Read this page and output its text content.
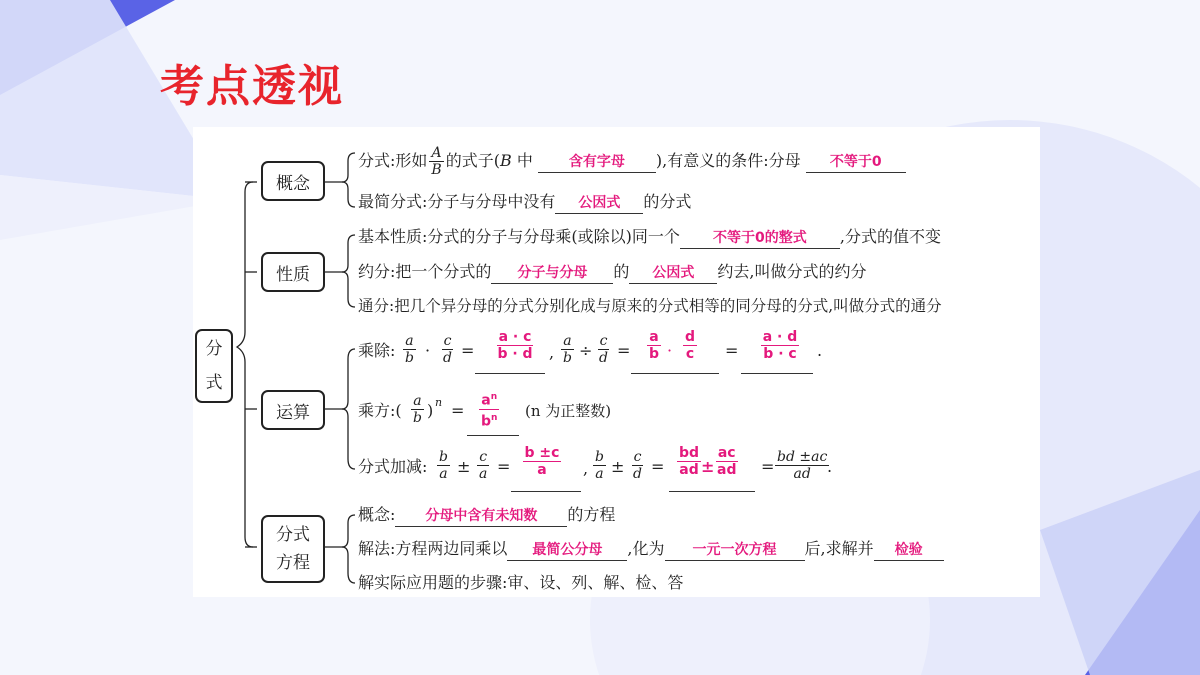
考点透视
分
式
概念
性质
运算
分式
方程
分式:形如 $\frac{A}{B}$ 的式子(B 中	含有字母 ),有意义的条件:分母 不等于0
最简分式:分子与分母中没有 公因式 的分式
基本性质:分式的分子与分母乘(或除以)同一个 不等于0的整式 ,分式的值不变
约分:把一个分式的 分子与分母 的 公因式 约去,叫做分式的约分
通分:把几个异分母的分式分别化成与原来的分式相等的同分母的分式,叫做分式的通分
乘除: $\frac{a}{b} \cdot \frac{c}{d} = \frac{a \cdot c}{b \cdot d}$ , $\frac{a}{b} \div \frac{c}{d} = \frac{a}{b} \cdot \frac{d}{c} = \frac{a \cdot d}{b \cdot c}$ .
乘方:( $\frac{a}{b}$ ) $n = \frac{a^n}{b^n} (n$ 为正整数)
分式加减: $\frac{b}{a} \pm \frac{c}{a} = \frac{b \pm c}{a}$ , $\frac{b}{a} \pm \frac{c}{d} = \frac{bd}{ad} \pm \frac{ac}{ad} = \frac{bd \pm ac}{ad}$
.
概念: 分母中含有未知数 的方程
解法:方程两边同乘以 最简公分母 ,化为 一元一次方程 后,求解并 检验
解实际应用题的步骤:审、设、列、解、检、答
